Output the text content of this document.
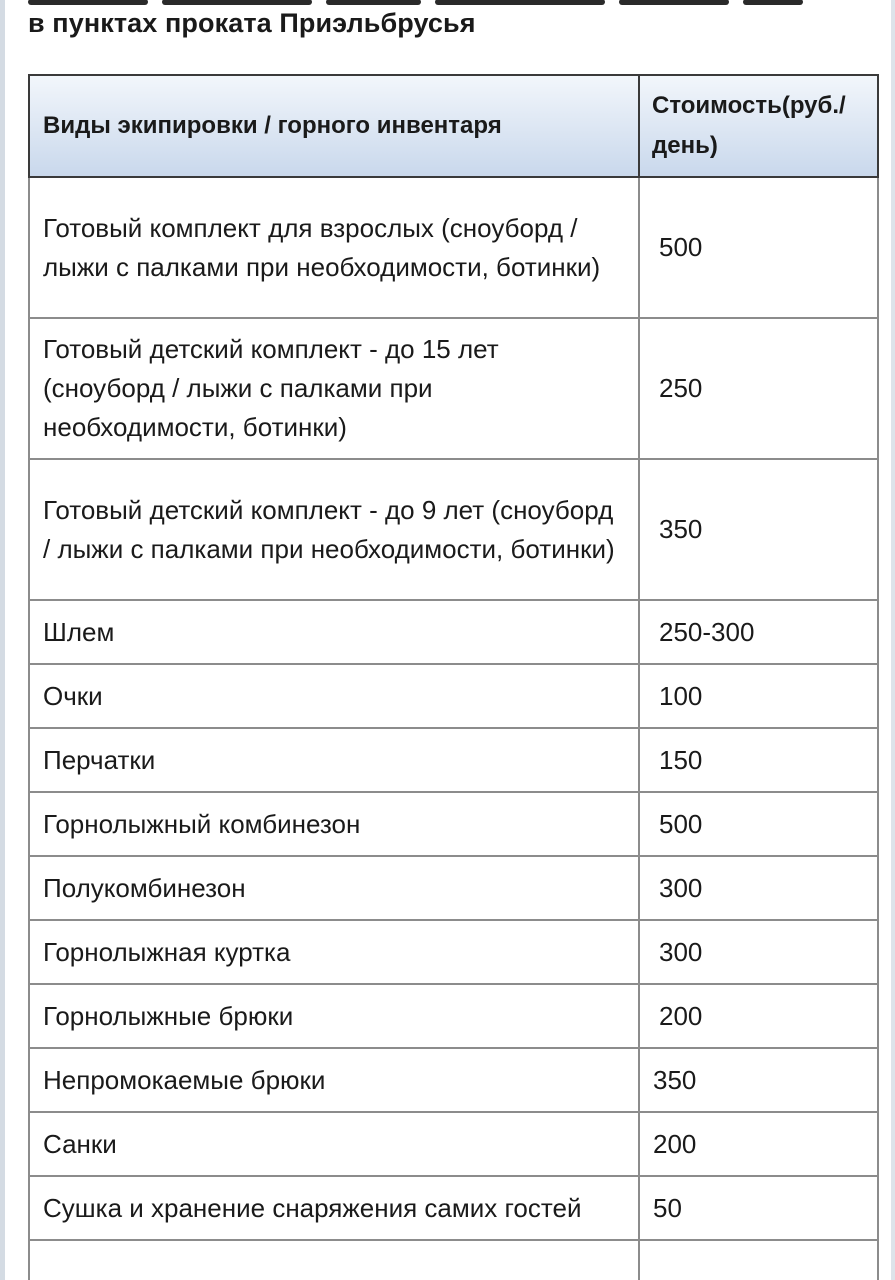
в пунктах проката Приэльбрусья
Виды экипировки / горного инвентаря	Стоимость(руб./ день)
Готовый комплект для взрослых (сноуборд / лыжи с палками при необходимости, ботинки)	500
Готовый детский комплект - до 15 лет (сноуборд / лыжи с палками при необходимости, ботинки)	250
Готовый детский комплект - до 9 лет (сноуборд / лыжи с палками при необходимости, ботинки)	350
Шлем	250-300
Очки	100
Перчатки	150
Горнолыжный комбинезон	500
Полукомбинезон	300
Горнолыжная куртка	300
Горнолыжные брюки	200
Непромокаемые брюки	350
Санки	200
Сушка и хранение снаряжения самих гостей	50
